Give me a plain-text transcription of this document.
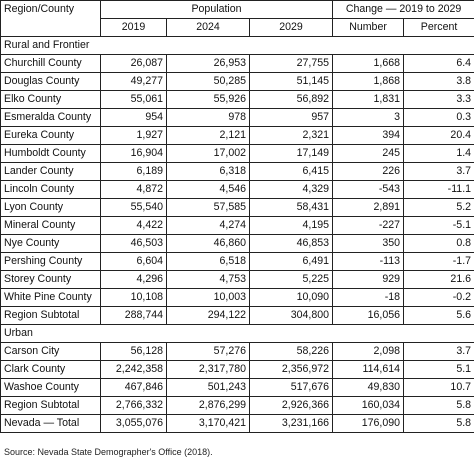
Region/County	Population			Change — 2019 to 2029	
	2019	2024	2029	Number	Percent
Rural and Frontier					
Churchill County	26,087	26,953	27,755	1,668	6.4
Douglas County	49,277	50,285	51,145	1,868	3.8
Elko County	55,061	55,926	56,892	1,831	3.3
Esmeralda County	954	978	957	3	0.3
Eureka County	1,927	2,121	2,321	394	20.4
Humboldt County	16,904	17,002	17,149	245	1.4
Lander County	6,189	6,318	6,415	226	3.7
Lincoln County	4,872	4,546	4,329	-543	-11.1
Lyon County	55,540	57,585	58,431	2,891	5.2
Mineral County	4,422	4,274	4,195	-227	-5.1
Nye County	46,503	46,860	46,853	350	0.8
Pershing County	6,604	6,518	6,491	-113	-1.7
Storey County	4,296	4,753	5,225	929	21.6
White Pine County	10,108	10,003	10,090	-18	-0.2
Region Subtotal	288,744	294,122	304,800	16,056	5.6
Urban					
Carson City	56,128	57,276	58,226	2,098	3.7
Clark County	2,242,358	2,317,780	2,356,972	114,614	5.1
Washoe County	467,846	501,243	517,676	49,830	10.7
Region Subtotal	2,766,332	2,876,299	2,926,366	160,034	5.8
Nevada — Total	3,055,076	3,170,421	3,231,166	176,090	5.8
Source: Nevada State Demographer's Office (2018).
